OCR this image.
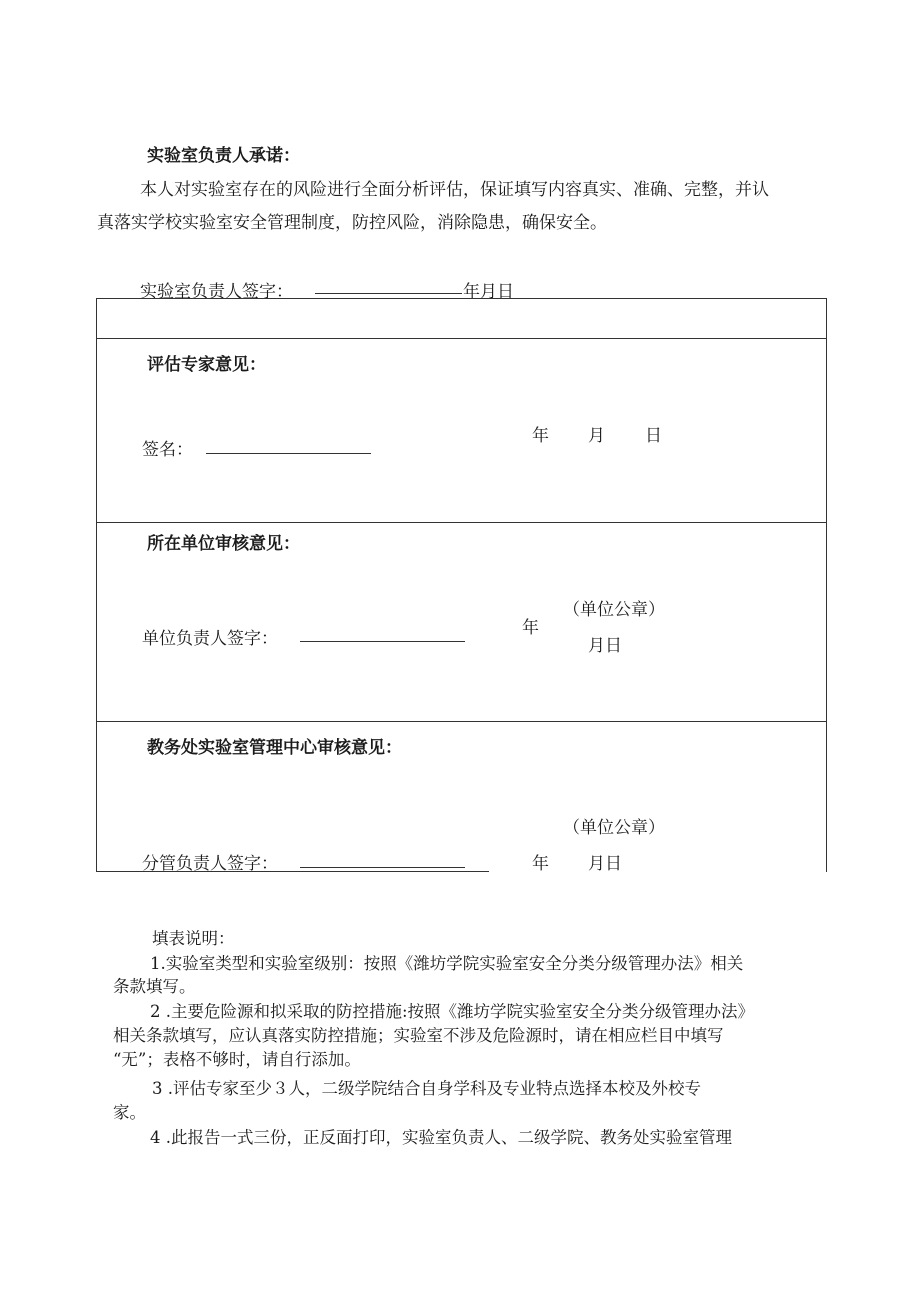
实验室负责人承诺：
本人对实验室存在的风险进行全面分析评估，保证填写内容真实、准确、完整，并认
真落实学校实验室安全管理制度，防控风险，消除隐患，确保安全。
实验室负责人签字：	年月日
评估专家意见：
签名：
年 月 日
所在单位审核意见：
单位负责人签字：
年
（单位公章）
月日
教务处实验室管理中心审核意见：
（单位公章）
分管负责人签字：	年 月日
填表说明：
1.实验室类型和实验室级别：按照《潍坊学院实验室安全分类分级管理办法》相关
条款填写。
2 .主要危险源和拟采取的防控措施:按照《潍坊学院实验室安全分类分级管理办法》
相关条款填写，应认真落实防控措施；实验室不涉及危险源时，请在相应栏目中填写
“无”；表格不够时，请自行添加。
3 .评估专家至少３人，二级学院结合自身学科及专业特点选择本校及外校专
家。
4 .此报告一式三份，正反面打印，实验室负责人、二级学院、教务处实验室管理
